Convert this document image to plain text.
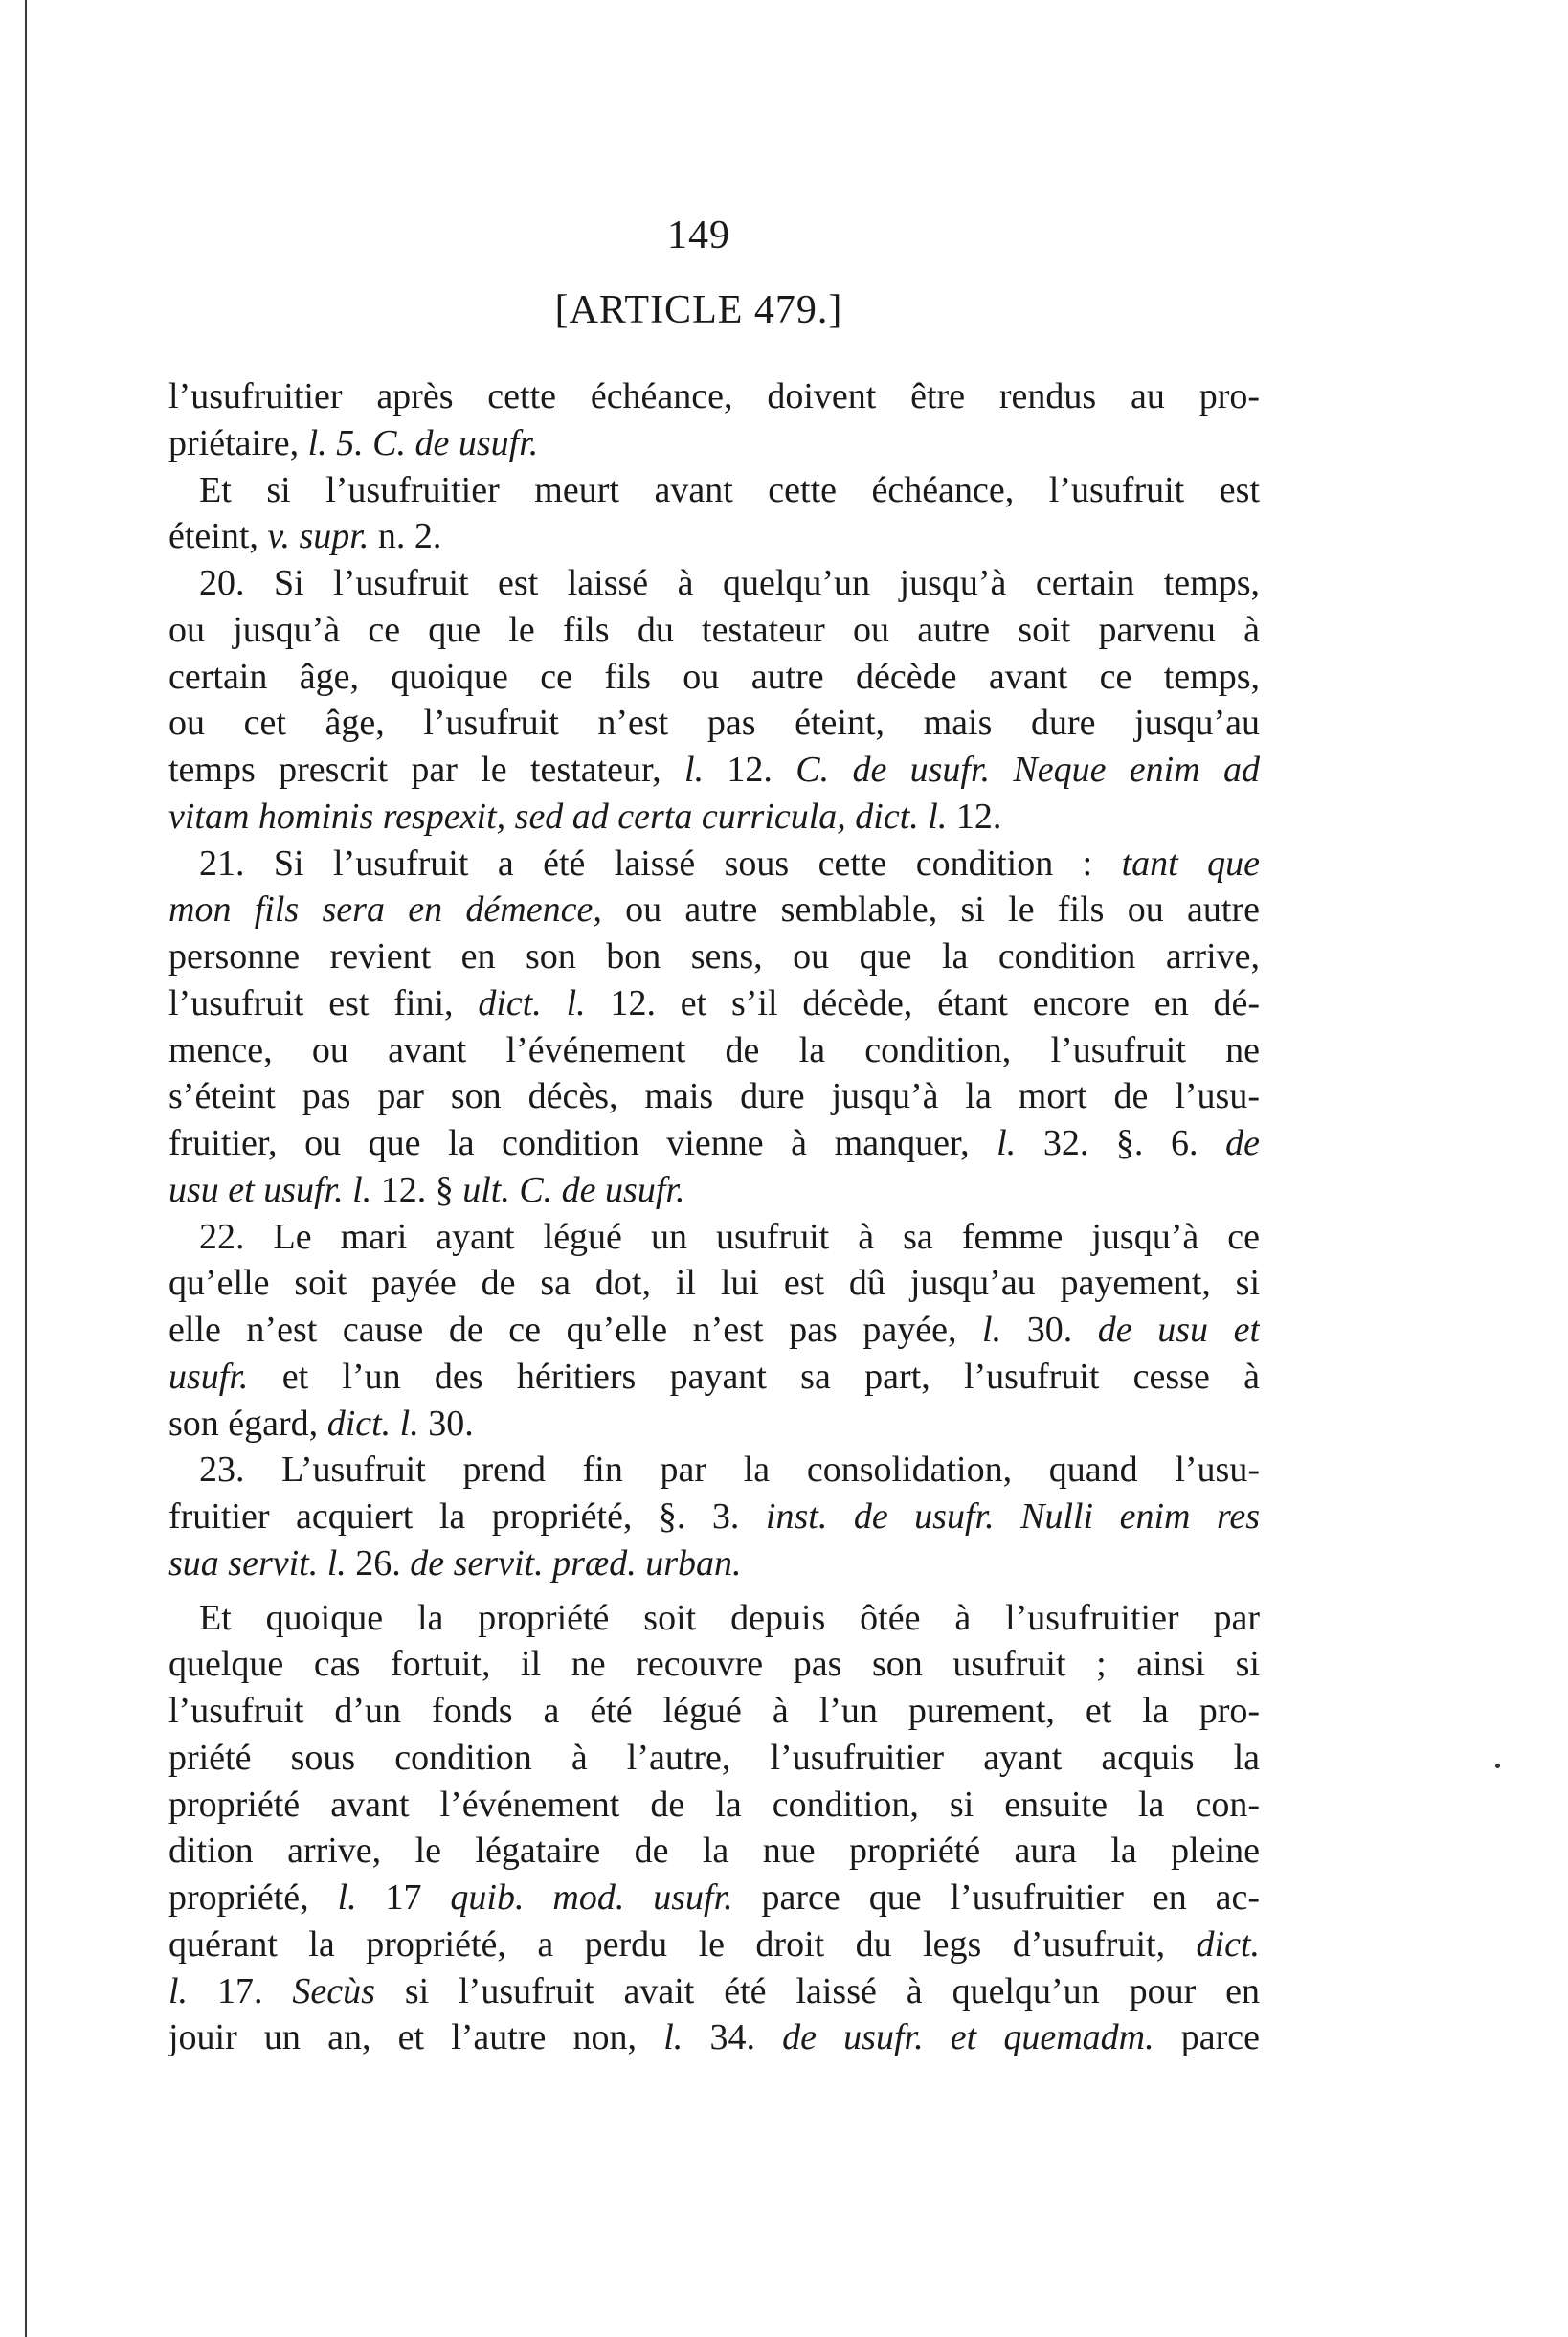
149
[ARTICLE 479.]
l’usufruitier après cette échéance, doivent être rendus au pro-
priétaire, l. 5. C. de usufr.
Et si l’usufruitier meurt avant cette échéance, l’usufruit est
éteint, v. supr. n. 2.
20. Si l’usufruit est laissé à quelqu’un jusqu’à certain temps,
ou jusqu’à ce que le fils du testateur ou autre soit parvenu à
certain âge, quoique ce fils ou autre décède avant ce temps,
ou cet âge, l’usufruit n’est pas éteint, mais dure jusqu’au
temps prescrit par le testateur, l. 12. C. de usufr. Neque enim ad
vitam hominis respexit, sed ad certa curricula, dict. l. 12.
21. Si l’usufruit a été laissé sous cette condition : tant que
mon fils sera en démence, ou autre semblable, si le fils ou autre
personne revient en son bon sens, ou que la condition arrive,
l’usufruit est fini, dict. l. 12. et s’il décède, étant encore en dé-
mence, ou avant l’événement de la condition, l’usufruit ne
s’éteint pas par son décès, mais dure jusqu’à la mort de l’usu-
fruitier, ou que la condition vienne à manquer, l. 32. §. 6. de
usu et usufr. l. 12. § ult. C. de usufr.
22. Le mari ayant légué un usufruit à sa femme jusqu’à ce
qu’elle soit payée de sa dot, il lui est dû jusqu’au payement, si
elle n’est cause de ce qu’elle n’est pas payée, l. 30. de usu et
usufr. et l’un des héritiers payant sa part, l’usufruit cesse à
son égard, dict. l. 30.
23. L’usufruit prend fin par la consolidation, quand l’usu-
fruitier acquiert la propriété, §. 3. inst. de usufr. Nulli enim res
sua servit. l. 26. de servit. præd. urban.
Et quoique la propriété soit depuis ôtée à l’usufruitier par
quelque cas fortuit, il ne recouvre pas son usufruit ; ainsi si
l’usufruit d’un fonds a été légué à l’un purement, et la pro-
priété sous condition à l’autre, l’usufruitier ayant acquis la
propriété avant l’événement de la condition, si ensuite la con-
dition arrive, le légataire de la nue propriété aura la pleine
propriété, l. 17 quib. mod. usufr. parce que l’usufruitier en ac-
quérant la propriété, a perdu le droit du legs d’usufruit, dict.
l. 17. Secùs si l’usufruit avait été laissé à quelqu’un pour en
jouir un an, et l’autre non, l. 34. de usufr. et quemadm. parce
